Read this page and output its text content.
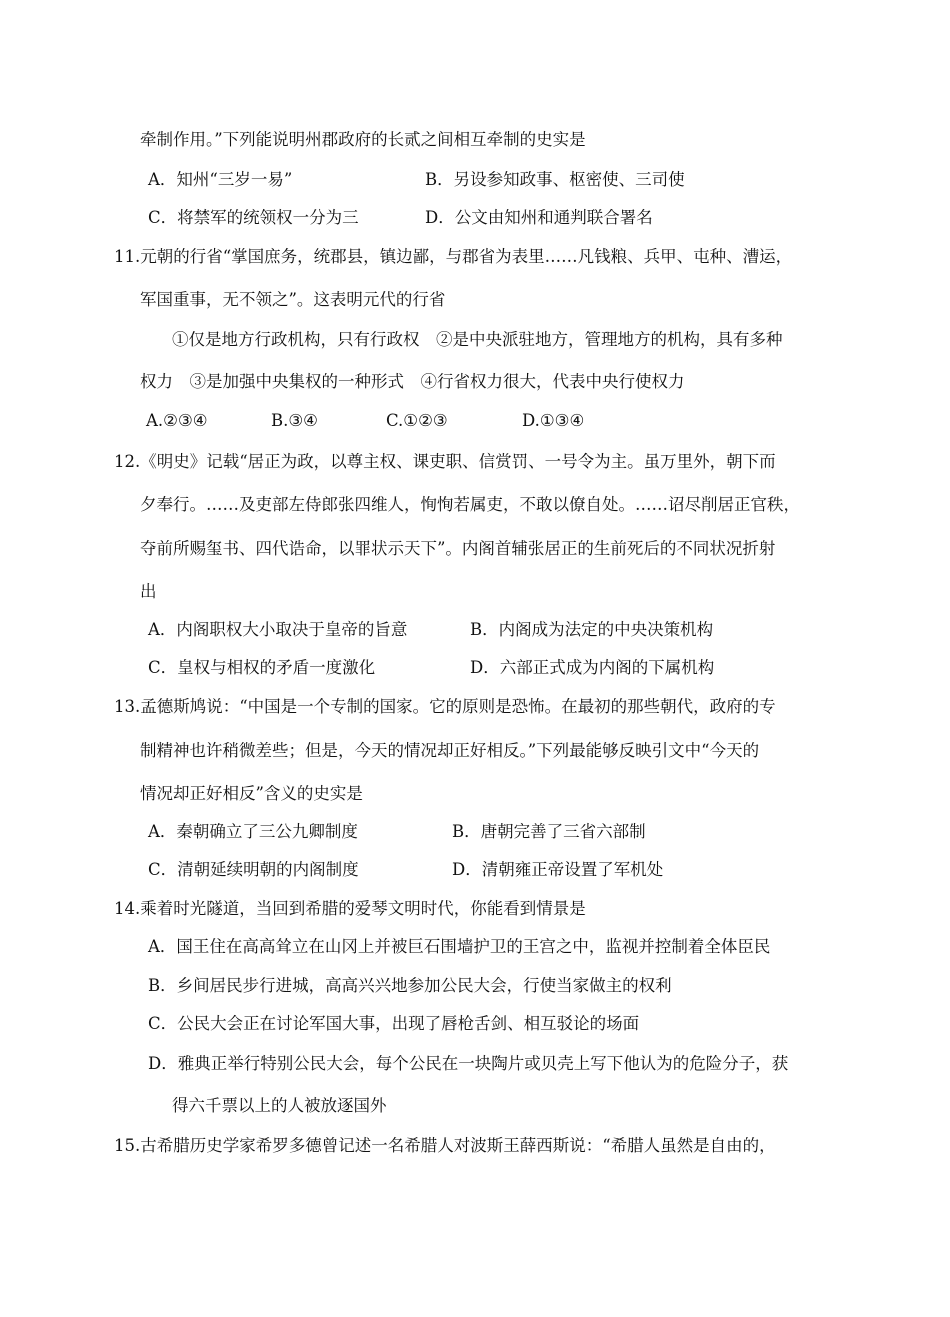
牵制作用。”下列能说明州郡政府的长贰之间相互牵制的史实是
A．知州“三岁一易”	B．另设参知政事、枢密使、三司使
C．将禁军的统领权一分为三	D．公文由知州和通判联合署名
11.元朝的行省“掌国庶务，统郡县，镇边鄙，与郡省为表里……凡钱粮、兵甲、屯种、漕运，
军国重事，无不领之”。这表明元代的行省
①仅是地方行政机构，只有行政权　②是中央派驻地方，管理地方的机构，具有多种
权力　③是加强中央集权的一种形式　④行省权力很大，代表中央行使权力
A.②③④	B.③④	C.①②③	D.①③④
12.《明史》记载“居正为政，以尊主权、课吏职、信赏罚、一号令为主。虽万里外，朝下而
夕奉行。……及吏部左侍郎张四维人，恂恂若属吏，不敢以僚自处。……诏尽削居正官秩，
夺前所赐玺书、四代诰命，以罪状示天下”。内阁首辅张居正的生前死后的不同状况折射
出
A．内阁职权大小取决于皇帝的旨意	B．内阁成为法定的中央决策机构
C．皇权与相权的矛盾一度激化	D．六部正式成为内阁的下属机构
13.孟德斯鸠说：“中国是一个专制的国家。它的原则是恐怖。在最初的那些朝代，政府的专
制精神也许稍微差些；但是，今天的情况却正好相反。”下列最能够反映引文中“今天的
情况却正好相反”含义的史实是
A．秦朝确立了三公九卿制度	B．唐朝完善了三省六部制
C．清朝延续明朝的内阁制度	D．清朝雍正帝设置了军机处
14.乘着时光隧道，当回到希腊的爱琴文明时代，你能看到情景是
A．国王住在高高耸立在山冈上并被巨石围墙护卫的王宫之中，监视并控制着全体臣民
B．乡间居民步行进城，高高兴兴地参加公民大会，行使当家做主的权利
C．公民大会正在讨论军国大事，出现了唇枪舌剑、相互驳论的场面
D．雅典正举行特别公民大会，每个公民在一块陶片或贝壳上写下他认为的危险分子，获
得六千票以上的人被放逐国外
15.古希腊历史学家希罗多德曾记述一名希腊人对波斯王薛西斯说：“希腊人虽然是自由的，
